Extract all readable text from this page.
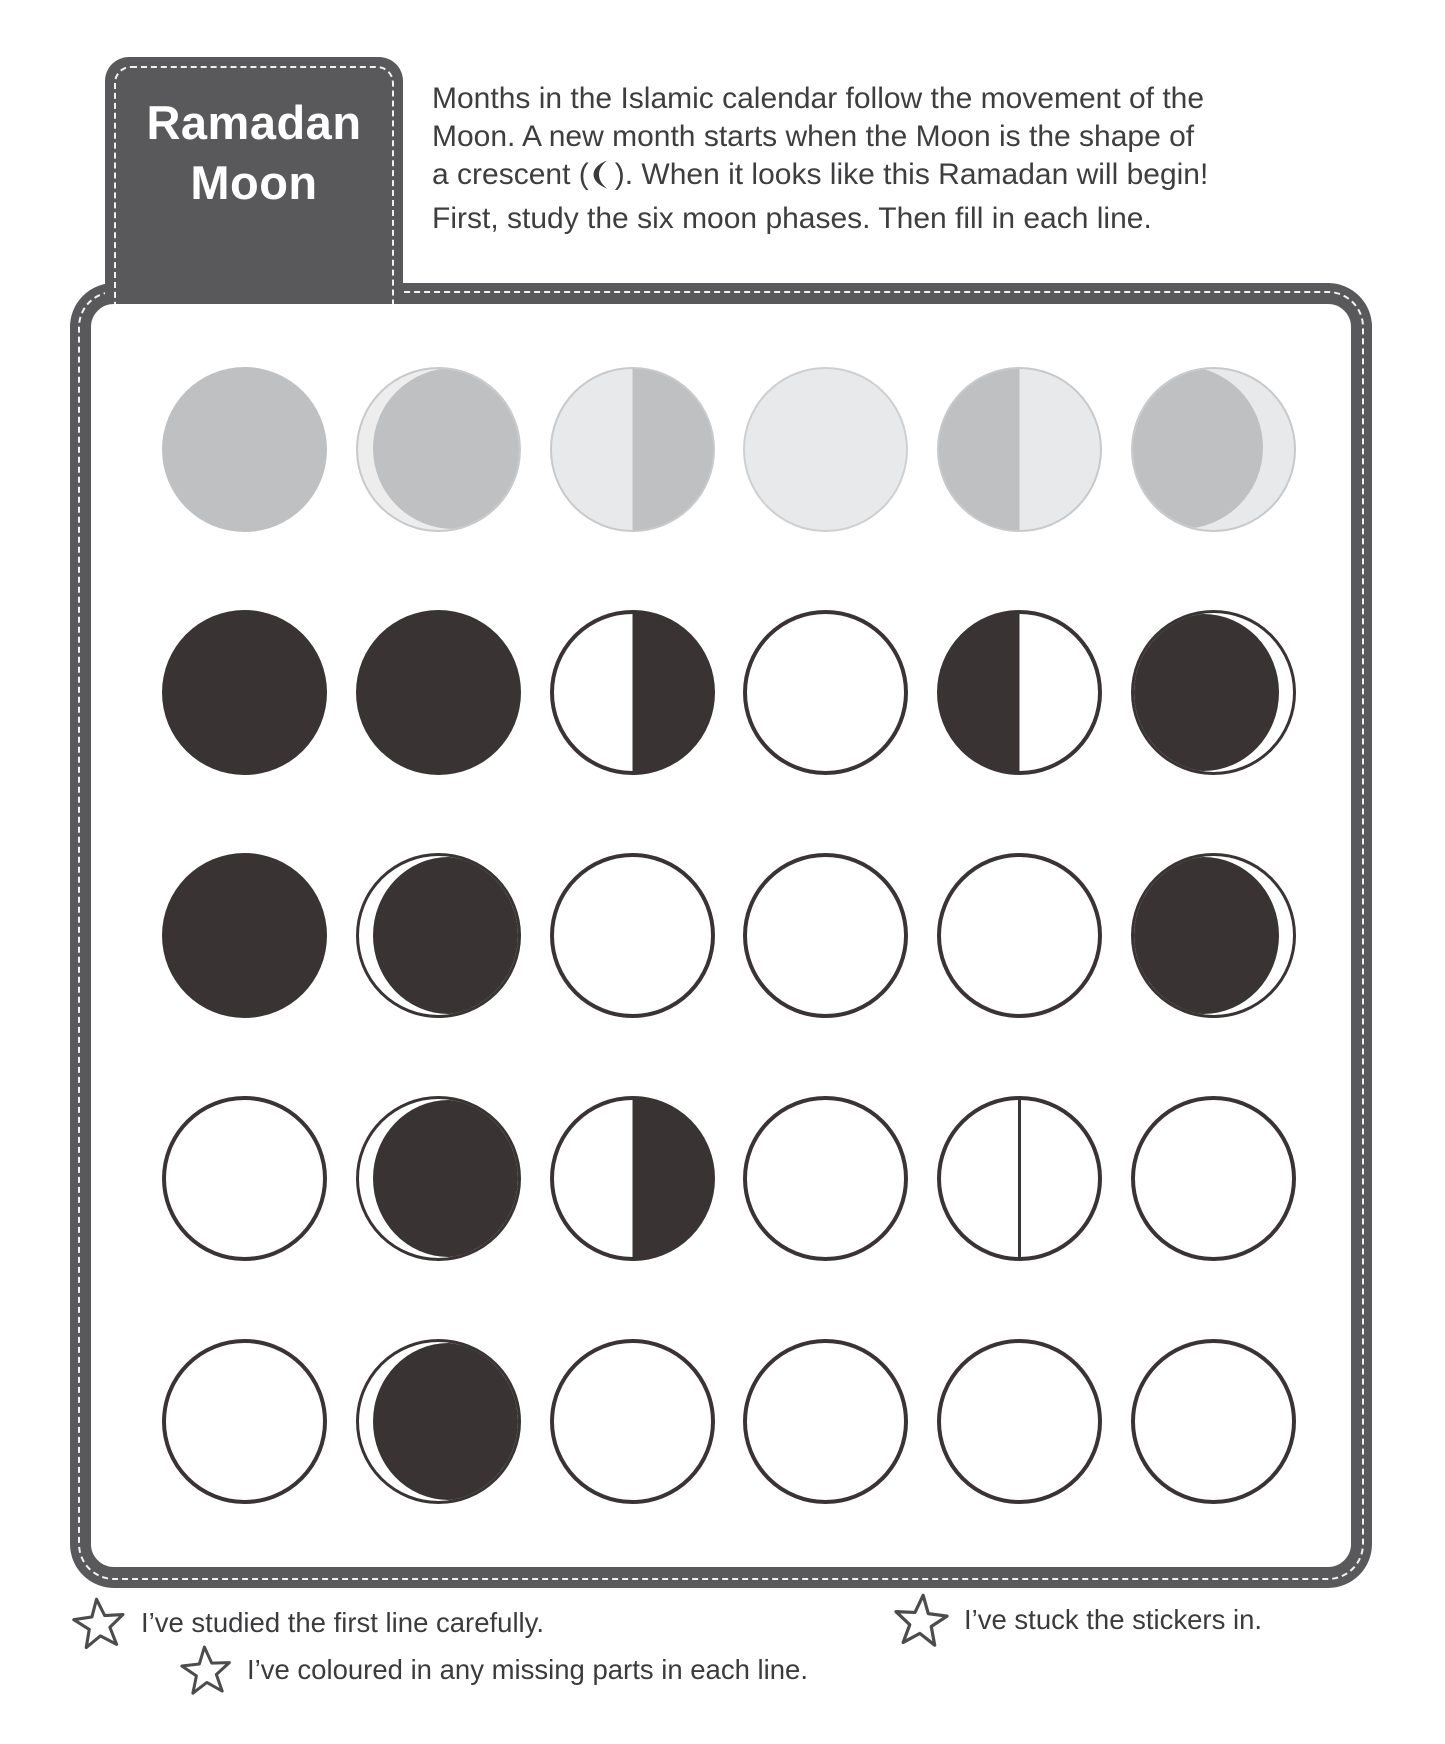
Ramadan
Moon
Months in the Islamic calendar follow the movement of the
Moon. A new month starts when the Moon is the shape of
a crescent ( ). When it looks like this Ramadan will begin!
First, study the six moon phases. Then fill in each line.
I’ve studied the first line carefully.	I’ve stuck the stickers in.
I’ve coloured in any missing parts in each line.
